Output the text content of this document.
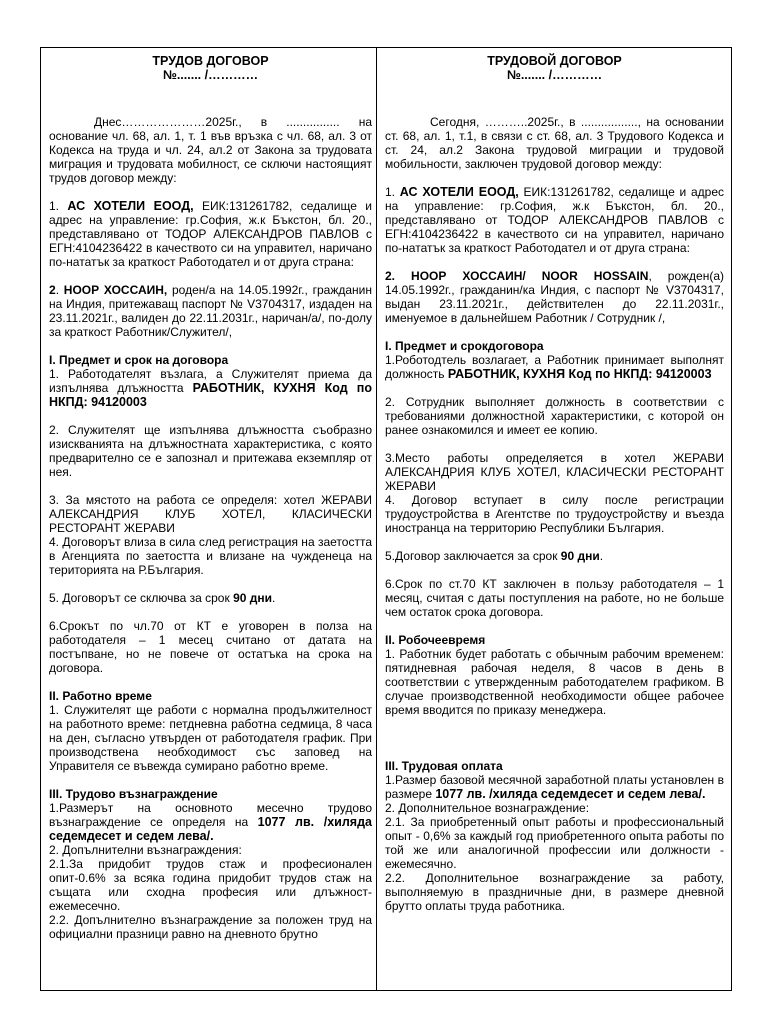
ТРУДОВ ДОГОВОР

№....... /…………

Днес…………………2025г., в ................ на основание чл. 68, ал. 1, т. 1 във връзка с чл. 68, ал. 3 от Кодекса на труда и чл. 24, ал.2 от Закона за трудовата миграция и трудовата мобилност, се сключи настоящият трудов договор между:

1. АС ХОТЕЛИ ЕООД, ЕИК:131261782, седалище и адрес на управление: гр.София, ж.к Бъкстон, бл. 20., представлявано от ТОДОР АЛЕКСАНДРОВ ПАВЛОВ с ЕГН:4104236422 в качеството си на управител, наричано по-нататък за краткост Работодател и от друга страна:

2. НООР ХОССАИН, роден/а на 14.05.1992г., гражданин на Индия, притежаващ паспорт № V3704317, издаден на 23.11.2021г., валиден до 22.11.2031г., наричан/а/, по-долу за краткост Работник/Служител/,

I. Предмет и срок на договора

1. Работодателят възлага, а Служителят приема да изпълнява длъжността РАБОТНИК, КУХНЯ Код по НКПД: 94120003

2. Служителят ще изпълнява длъжността съобразно изискванията на длъжностната характеристика, с която предварително се е запознал и притежава екземпляр от нея.

3. За мястото на работа се определя: хотел ЖЕРАВИ АЛЕКСАНДРИЯ КЛУБ ХОТЕЛ, КЛАСИЧЕСКИ РЕСТОРАНТ ЖЕРАВИ

4. Договорът влиза в сила след регистрация на заетостта в Агенцията по заетостта и влизане на чужденеца на територията на Р.България.

5. Договорът се сключва за срок 90 дни.

6.Срокът по чл.70 от КТ е уговорен в полза на работодателя – 1 месец считано от датата на постъпване, но не повече от остатъка на срока на договора.

II. Работно време

1. Служителят ще работи с нормална продължителност на работното време: петдневна работна седмица, 8 часа на ден, съгласно утвърден от работодателя график. При производствена необходимост със заповед на Управителя се въвежда сумирано работно време.

III. Трудово възнаграждение

1.Размерът на основното месечно трудово възнаграждение се определя на 1077 лв. /хиляда седемдесет и седем лева/.

2. Допълнителни възнаграждения:

2.1.За придобит трудов стаж и професионален опит-0.6% за всяка година придобит трудов стаж на същата или сходна професия или длъжност-ежемесечно.

2.2. Допълнително възнаграждение за положен труд на официални празници равно на дневното брутно

ТРУДОВОЙ ДОГОВОР

№....... /…………

Сегодня, ………..2025г., в ................., на основании ст. 68, ал. 1, т.1, в связи с ст. 68, ал. 3 Трудового Кодекса и ст. 24, ал.2 Закона трудовой миграции и трудовой мобильности, заключен трудовой договор между:

1. АС ХОТЕЛИ ЕООД, ЕИК:131261782, седалище и адрес на управление: гр.София, ж.к Бъкстон, бл. 20., представлявано от ТОДОР АЛЕКСАНДРОВ ПАВЛОВ с ЕГН:4104236422 в качеството си на управител, наричано по-нататък за краткост Работодател и от друга страна:

2. НООР ХОССАИН/ NOOR HOSSAIN, рожден(а) 14.05.1992г., гражданин/ка Индия, с паспорт № V3704317, выдан 23.11.2021г., действителен до 22.11.2031г., именуемое в дальнейшем Работник / Сотрудник /,

I. Предмет и срокдоговора

1.Роботодтель возлагает, а Работник принимает выполнят должность РАБОТНИК, КУХНЯ Код по НКПД: 94120003

2. Сотрудник выполняет должность в соответствии с требованиями должностной характеристики, с которой он ранее ознакомился и имеет ее копию.

3.Место работы определяется в хотел ЖЕРАВИ АЛЕКСАНДРИЯ КЛУБ ХОТЕЛ, КЛАСИЧЕСКИ РЕСТОРАНТ ЖЕРАВИ

4. Договор вступает в силу после регистрации трудоустройства в Агентстве по трудоустройству и въезда иностранца на территорию Республики България.

5.Договор заключается за срок 90 дни.

6.Срок по ст.70 КТ заключен в пользу работодателя – 1 месяц, считая с даты поступления на работе, но не больше чем остаток срока договора.

II. Робочеевремя

1. Работник будет работать с обычным рабочим временем: пятидневная рабочая неделя, 8 часов в день в соответствии с утвержденным работодателем графиком. В случае производственной необходимости общее рабочее время вводится по приказу менеджера.

III. Трудовая оплата

1.Размер базовой месячной заработной платы установлен в размере 1077 лв. /хиляда седемдесет и седем лева/.

2. Дополнительное вознаграждение:

2.1. За приобретенный опыт работы и профессиональный опыт - 0,6% за каждый год приобретенного опыта работы по той же или аналогичной профессии или должности - ежемесячно.

2.2. Дополнительное вознаграждение за работу, выполняемую в праздничные дни, в размере дневной брутто оплаты труда работника.
